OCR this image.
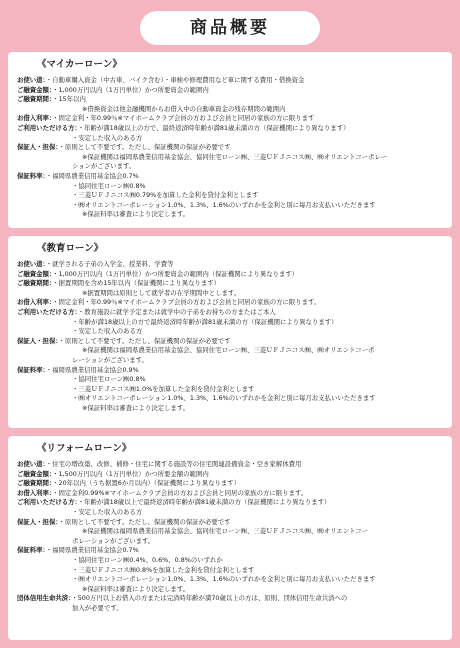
商品概要
《マイカーローン》
お使い道：・自動車購入資金（中古車、バイク含む）・車検や修理費用など車に関する費用・借換資金
ご融資金額：・1,000万円以内（1万円単位）かつ所要資金の範囲内
ご融資期間：・15年以内
※借換資金は他金融機関からお借入中の自動車資金の残存期間の範囲内
お借入利率：・固定金利・年0.99％※マイホームクラブ会員の方および会員と同居の家族の方に限ります
ご利用いただける方：・年齢が満18歳以上の方で、最終返済時年齢が満81歳未満の方（保証機関により異なります）
・安定した収入のある方
保証人・担保：・原則として不要です。ただし、保証機関の保証が必要です
※保証機関は福岡県農業信用基金協会、協同住宅ローン㈱、三菱ＵＦＪニコス㈱、㈱オリエントコーポレー
ションがございます。
保証料率：・福岡県農業信用基金協会0.7%
・協同住宅ローン㈱0.8%
・三菱ＵＦＪニコス㈱0.79%を加算した金利を貸付金利とします
・㈱オリエントコーポレーション1.0%、1.3%、1.6%のいずれかを金利と別に毎月お支払いいただきます
※保証料率は審査により決定します。
《教育ローン》
お使い道：・就学される子弟の入学金、授業料、学費等
ご融資金額：・1,000万円以内（1万円単位）かつ所要資金の範囲内（保証機関により異なります）
ご融資期間：・据置期間を含め15年以内（保証機関により異なります）
※据置期間は原則として就学者の在学期間中とします。
お借入利率：・固定金利・年0.99％※マイホームクラブ会員の方および会員と同居の家族の方に限ります。
ご利用いただける方：・教育施設に就学予定または就学中の子弟をお持ちの方またはご本人
・年齢が満18歳以上の方で最終返済時年齢が満81歳未満の方（保証機関により異なります）
・安定した収入のある方
保証人・担保：・原則として不要です。ただし、保証機関の保証が必要です
※保証機関は福岡県農業信用基金協会、協同住宅ローン㈱、三菱ＵＦＪニコス㈱、㈱オリエントコーポ
レーションがございます。
保証料率：・福岡県農業信用基金協会0.9%
・協同住宅ローン㈱0.8%
・三菱ＵＦＪニコス㈱1.0%を加算した金利を貸付金利とします
・㈱オリエントコーポレーション1.0%、1.3%、1.6%のいずれかを金利と別に毎月お支払いいただきます
※保証料率は審査により決定します。
《リフォームローン》
お使い道：・住宅の増改築、改修、補修・住宅に関する施設等の住宅関連設備資金・空き家解体費用
ご融資金額：・1,500万円以内（1万円単位）かつ所要金額の範囲内
ご融資期間：・20年以内（うち据置6か月以内）（保証機関により異なります）
お借入利率：・固定金利0.99%※マイホームクラブ会員の方および会員と同居の家族の方に限ります。
ご利用いただける方：・年齢が満18歳以上で最終返済時年齢が満81歳未満の方（保証機関により異なります）
・安定した収入のある方
保証人・担保：・原則として不要です。ただし、保証機関の保証が必要です
※保証機関は福岡県農業信用基金協会、協同住宅ローン㈱、三菱ＵＦＪニコス㈱、㈱オリエントコー
ポレーションがございます。
保証料率：・福岡県農業信用基金協会0.7%
・協同住宅ローン㈱0.4%、0.6%、0.8%のいずれか
・三菱ＵＦＪニコス㈱0.8%を加算した金利を貸付金利とします
・㈱オリエントコーポレーション1.0%、1.3%、1.6%のいずれかを金利と別に毎月お支払いいただきます
※保証料率は審査により決定します。
団体信用生命共済：・500万円以上お借入の方または完済時年齢が満70歳以上の方は、原則、団体信用生命共済への
加入が必要です。
